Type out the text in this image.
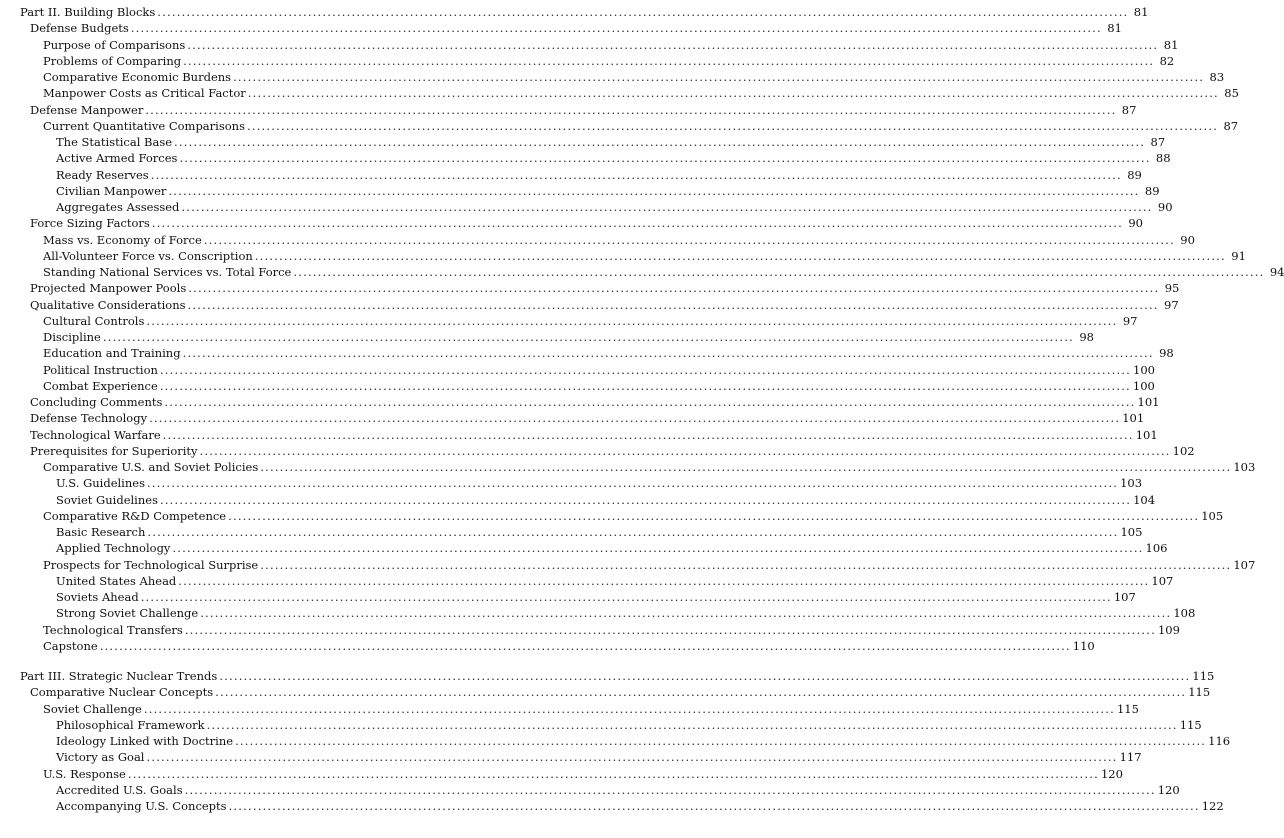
Part II. Building Blocks ........................................................................................................................................................................................................ 81
Defense Budgets ........................................................................................................................................................................................................ 81
Purpose of Comparisons ........................................................................................................................................................................................................ 81
Problems of Comparing ........................................................................................................................................................................................................ 82
Comparative Economic Burdens ........................................................................................................................................................................................................ 83
Manpower Costs as Critical Factor ........................................................................................................................................................................................................ 85
Defense Manpower ........................................................................................................................................................................................................ 87
Current Quantitative Comparisons ........................................................................................................................................................................................................ 87
The Statistical Base ........................................................................................................................................................................................................ 87
Active Armed Forces ........................................................................................................................................................................................................ 88
Ready Reserves ........................................................................................................................................................................................................ 89
Civilian Manpower ........................................................................................................................................................................................................ 89
Aggregates Assessed ........................................................................................................................................................................................................ 90
Force Sizing Factors ........................................................................................................................................................................................................ 90
Mass vs. Economy of Force ........................................................................................................................................................................................................ 90
All-Volunteer Force vs. Conscription ........................................................................................................................................................................................................ 91
Standing National Services vs. Total Force ........................................................................................................................................................................................................ 94
Projected Manpower Pools ........................................................................................................................................................................................................ 95
Qualitative Considerations ........................................................................................................................................................................................................ 97
Cultural Controls ........................................................................................................................................................................................................ 97
Discipline ........................................................................................................................................................................................................ 98
Education and Training ........................................................................................................................................................................................................ 98
Political Instruction ........................................................................................................................................................................................................ 100
Combat Experience ........................................................................................................................................................................................................ 100
Concluding Comments ........................................................................................................................................................................................................ 101
Defense Technology ........................................................................................................................................................................................................ 101
Technological Warfare ........................................................................................................................................................................................................ 101
Prerequisites for Superiority ........................................................................................................................................................................................................ 102
Comparative U.S. and Soviet Policies ........................................................................................................................................................................................................ 103
U.S. Guidelines ........................................................................................................................................................................................................ 103
Soviet Guidelines ........................................................................................................................................................................................................ 104
Comparative R&D Competence ........................................................................................................................................................................................................ 105
Basic Research ........................................................................................................................................................................................................ 105
Applied Technology ........................................................................................................................................................................................................ 106
Prospects for Technological Surprise ........................................................................................................................................................................................................ 107
United States Ahead ........................................................................................................................................................................................................ 107
Soviets Ahead ........................................................................................................................................................................................................ 107
Strong Soviet Challenge ........................................................................................................................................................................................................ 108
Technological Transfers ........................................................................................................................................................................................................ 109
Capstone ........................................................................................................................................................................................................ 110
Part III. Strategic Nuclear Trends ........................................................................................................................................................................................................ 115
Comparative Nuclear Concepts ........................................................................................................................................................................................................ 115
Soviet Challenge ........................................................................................................................................................................................................ 115
Philosophical Framework ........................................................................................................................................................................................................ 115
Ideology Linked with Doctrine ........................................................................................................................................................................................................ 116
Victory as Goal ........................................................................................................................................................................................................ 117
U.S. Response ........................................................................................................................................................................................................ 120
Accredited U.S. Goals ........................................................................................................................................................................................................ 120
Accompanying U.S. Concepts ........................................................................................................................................................................................................ 122
